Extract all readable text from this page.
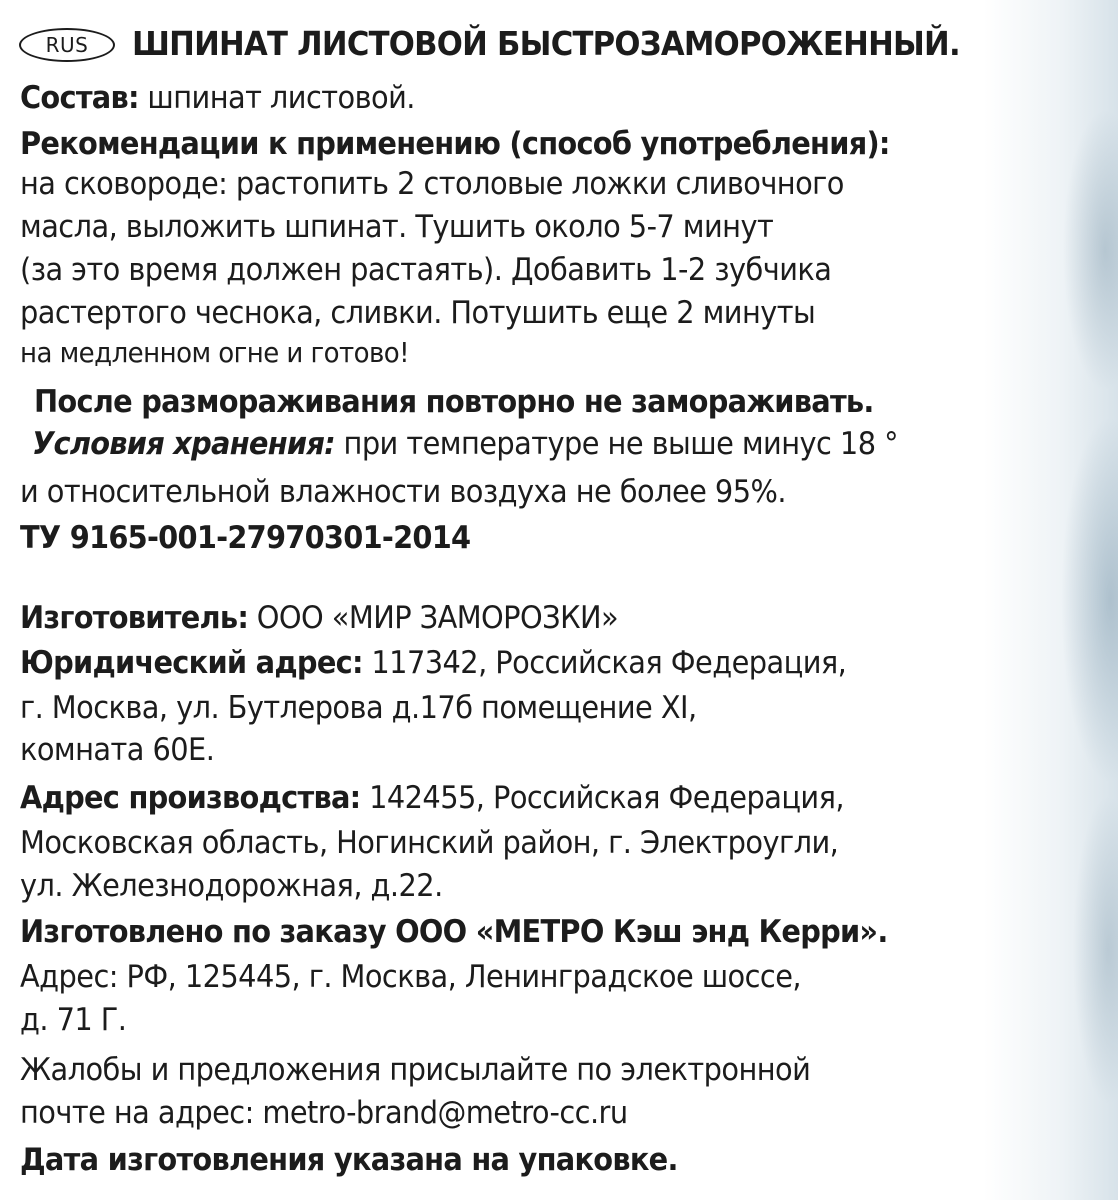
RUS	ШПИНАТ ЛИСТОВОЙ БЫСТРОЗАМОРОЖЕННЫЙ.
Состав: шпинат листовой.
Рекомендации к применению (способ употребления):
на сковороде: растопить 2 столовые ложки сливочного
масла, выложить шпинат. Тушить около 5-7 минут
(за это время должен растаять). Добавить 1-2 зубчика
растертого чеснока, сливки. Потушить еще 2 минуты
на медленном огне и готово!
После размораживания повторно не замораживать.
Условия хранения: при температуре не выше минус 18 °
и относительной влажности воздуха не более 95%.
ТУ 9165-001-27970301-2014
Изготовитель: ООО «МИР ЗАМОРОЗКИ»
Юридический адрес: 117342, Российская Федерация,
г. Москва, ул. Бутлерова д.17б помещение XI,
комната 60Е.
Адрес производства: 142455, Российская Федерация,
Московская область, Ногинский район, г. Электроугли,
ул. Железнодорожная, д.22.
Изготовлено по заказу ООО «МЕТРО Кэш энд Керри».
Адрес: РФ, 125445, г. Москва, Ленинградское шоссе,
д. 71 Г.
Жалобы и предложения присылайте по электронной
почте на адрес: metro-brand@metro-cc.ru
Дата изготовления указана на упаковке.
